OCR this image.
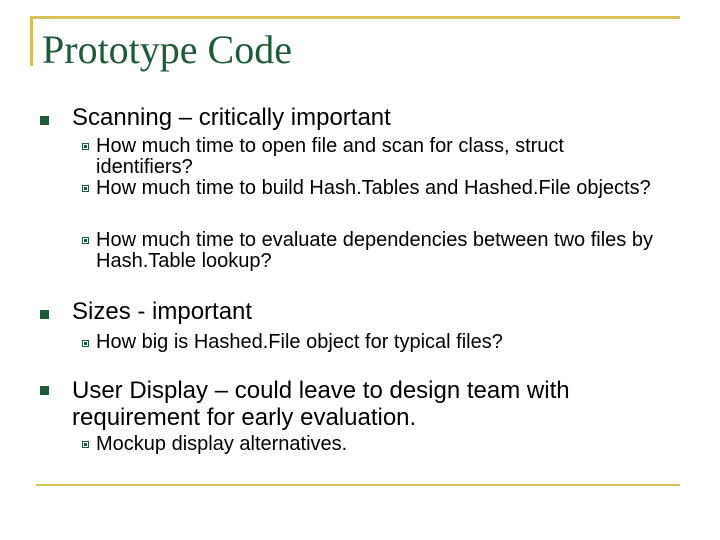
Prototype Code
Scanning – critically important
How much time to open file and scan for class, struct identifiers?
How much time to build Hash.Tables and Hashed.File objects?
How much time to evaluate dependencies between two files by Hash.Table lookup?
Sizes - important
How big is Hashed.File object for typical files?
User Display – could leave to design team with requirement for early evaluation.
Mockup display alternatives.
